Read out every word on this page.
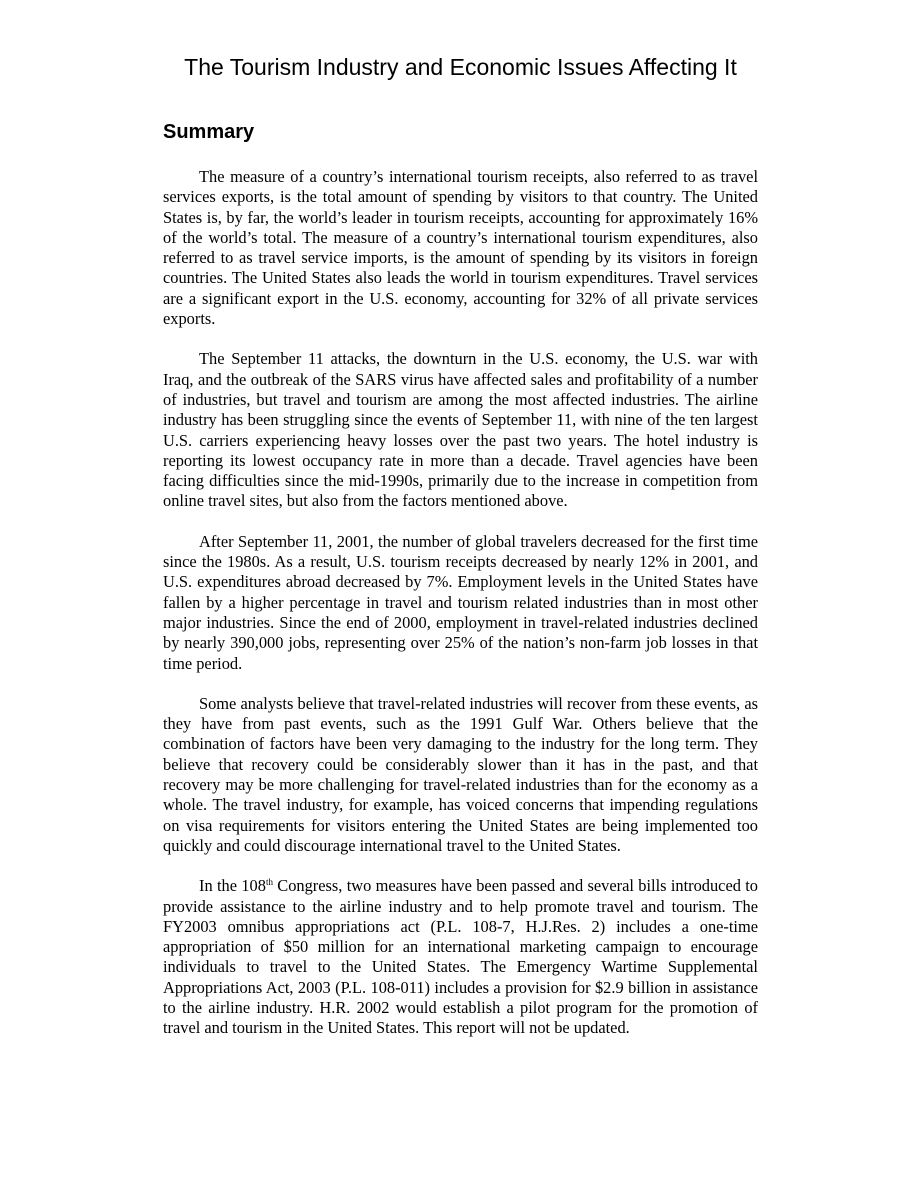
The Tourism Industry and Economic Issues Affecting It
Summary

The measure of a country’s international tourism receipts, also referred to as travel services exports, is the total amount of spending by visitors to that country. The United States is, by far, the world’s leader in tourism receipts, accounting for approximately 16% of the world’s total. The measure of a country’s international tourism expenditures, also referred to as travel service imports, is the amount of spending by its visitors in foreign countries. The United States also leads the world in tourism expenditures. Travel services are a significant export in the U.S. economy, accounting for 32% of all private services exports.

The September 11 attacks, the downturn in the U.S. economy, the U.S. war with Iraq, and the outbreak of the SARS virus have affected sales and profitability of a number of industries, but travel and tourism are among the most affected industries. The airline industry has been struggling since the events of September 11, with nine of the ten largest U.S. carriers experiencing heavy losses over the past two years. The hotel industry is reporting its lowest occupancy rate in more than a decade. Travel agencies have been facing difficulties since the mid-1990s, primarily due to the increase in competition from online travel sites, but also from the factors mentioned above.

After September 11, 2001, the number of global travelers decreased for the first time since the 1980s. As a result, U.S. tourism receipts decreased by nearly 12% in 2001, and U.S. expenditures abroad decreased by 7%. Employment levels in the United States have fallen by a higher percentage in travel and tourism related industries than in most other major industries. Since the end of 2000, employment in travel-related industries declined by nearly 390,000 jobs, representing over 25% of the nation’s non-farm job losses in that time period.

Some analysts believe that travel-related industries will recover from these events, as they have from past events, such as the 1991 Gulf War. Others believe that the combination of factors have been very damaging to the industry for the long term. They believe that recovery could be considerably slower than it has in the past, and that recovery may be more challenging for travel-related industries than for the economy as a whole. The travel industry, for example, has voiced concerns that impending regulations on visa requirements for visitors entering the United States are being implemented too quickly and could discourage international travel to the United States.

In the 108th Congress, two measures have been passed and several bills introduced to provide assistance to the airline industry and to help promote travel and tourism. The FY2003 omnibus appropriations act (P.L. 108-7, H.J.Res. 2) includes a one-time appropriation of $50 million for an international marketing campaign to encourage individuals to travel to the United States. The Emergency Wartime Supplemental Appropriations Act, 2003 (P.L. 108-011) includes a provision for $2.9 billion in assistance to the airline industry. H.R. 2002 would establish a pilot program for the promotion of travel and tourism in the United States. This report will not be updated.
